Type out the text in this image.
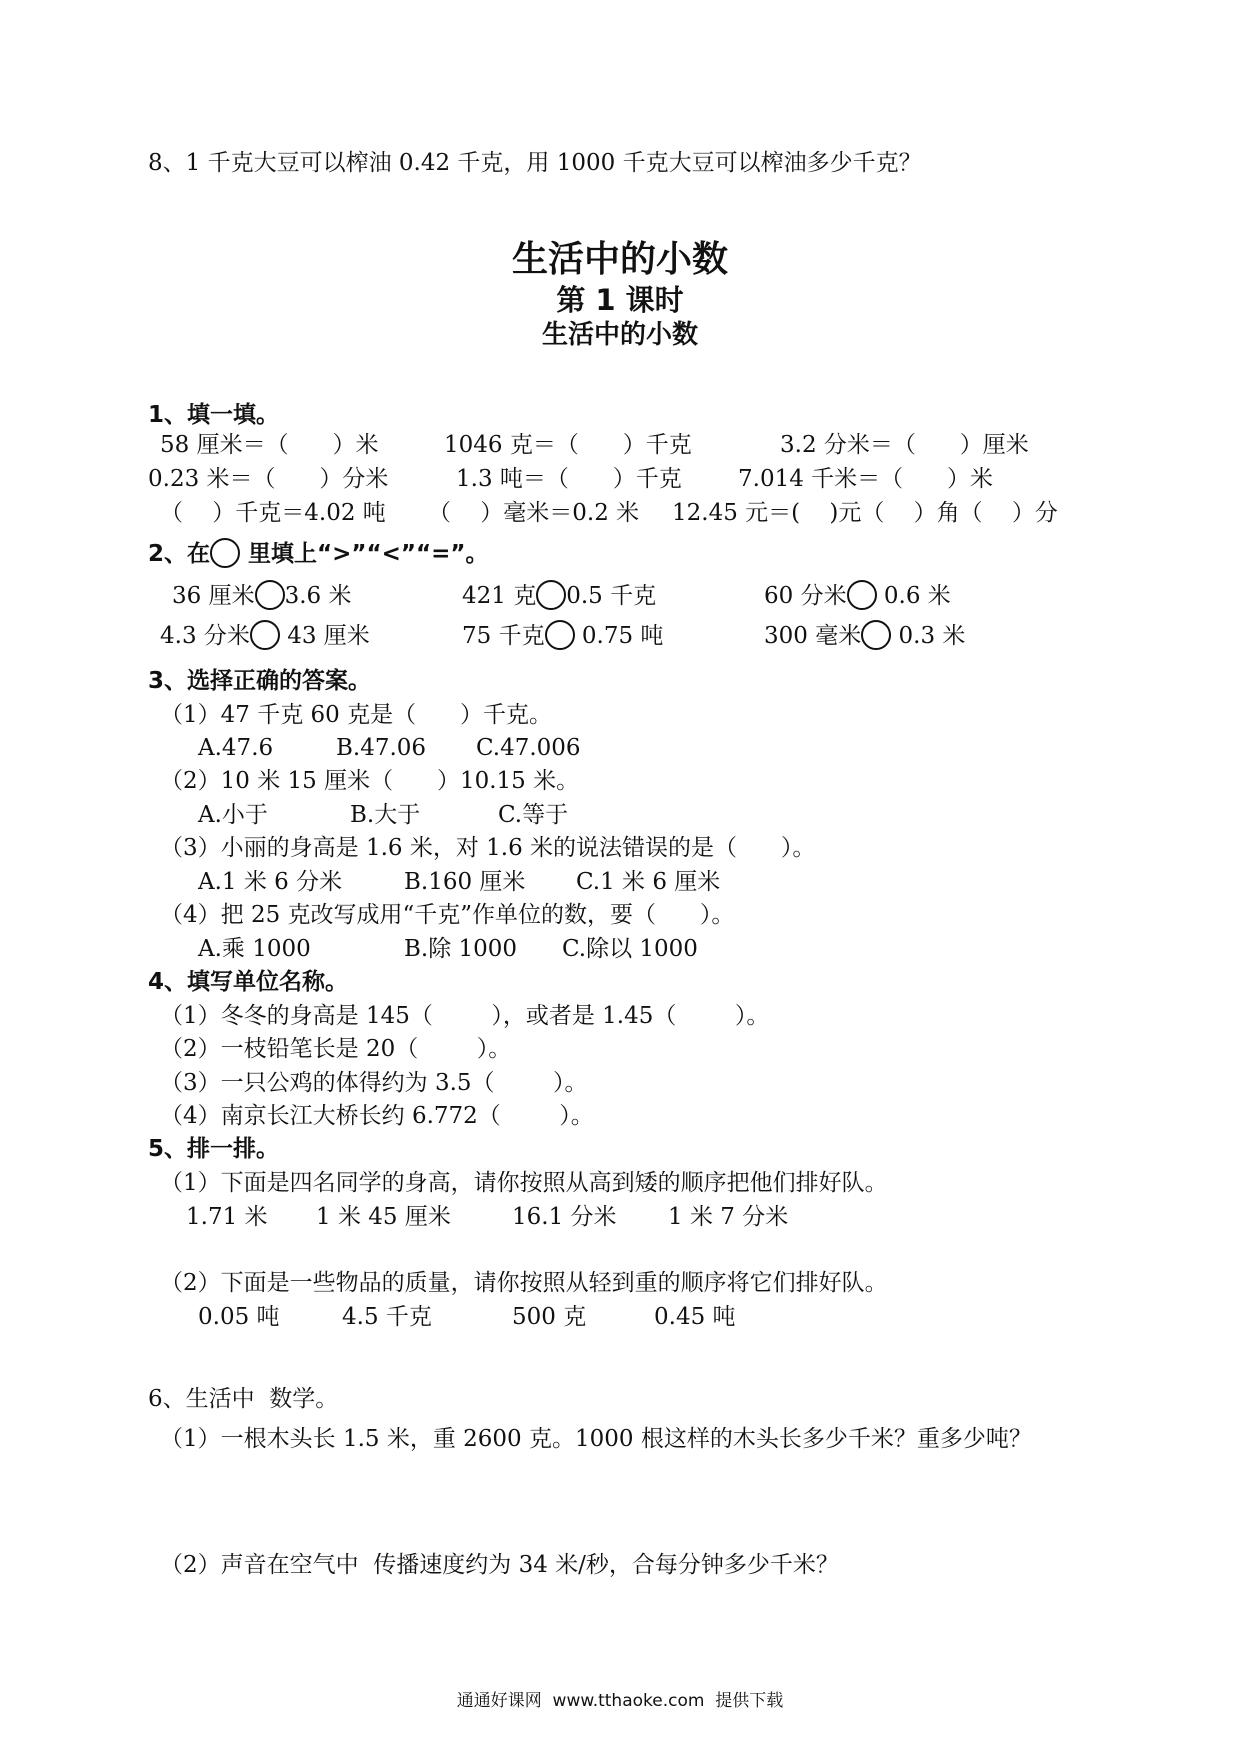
8、1 千克大豆可以榨油 0.42 千克，用 1000 千克大豆可以榨油多少千克？
生活中的小数
第 1 课时
生活中的小数
1、填一填。
58 厘米＝（      ）米	1046 克＝（      ）千克	3.2 分米＝（      ）厘米
0.23 米＝（      ）分米	1.3 吨＝（      ）千克 7.014 千米＝（      ）米
（    ）千克＝4.02 吨 （    ）毫米＝0.2 米 12.45 元＝(    )元（    ）角（    ）分
2、在 里填上“>”“<”“=”。
36 厘米 3.6 米	421 克 0.5 千克	60 分米 0.6 米
4.3 分米 43 厘米	75 千克 0.75 吨	300 毫米 0.3 米
3、选择正确的答案。
（1）47 千克 60 克是（      ）千克。
A.47.6	B.47.06 C.47.006
（2）10 米 15 厘米（      ）10.15 米。
A.小于	B.大于	C.等于
（3）小丽的身高是 1.6 米，对 1.6 米的说法错误的是（      ）。
A.1 米 6 分米	B.160 厘米 C.1 米 6 厘米
（4）把 25 克改写成用“千克”作单位的数，要（      ）。
A.乘 1000	B.除 1000 C.除以 1000
4、填写单位名称。
（1）冬冬的身高是 145（        ），或者是 1.45（        ）。
（2）一枝铅笔长是 20（        ）。
（3）一只公鸡的体得约为 3.5（        ）。
（4）南京长江大桥长约 6.772（        ）。
5、排一排。
（1）下面是四名同学的身高，请你按照从高到矮的顺序把他们排好队。
1.71 米 1 米 45 厘米	16.1 分米 1 米 7 分米
（2）下面是一些物品的质量，请你按照从轻到重的顺序将它们排好队。
0.05 吨	4.5 千克	500 克	0.45 吨
6、生活中  数学。
（1）一根木头长 1.5 米，重 2600 克。1000 根这样的木头长多少千米？重多少吨？
（2）声音在空气中  传播速度约为 34 米/秒，合每分钟多少千米？
通通好课网  www.tthaoke.com  提供下载
